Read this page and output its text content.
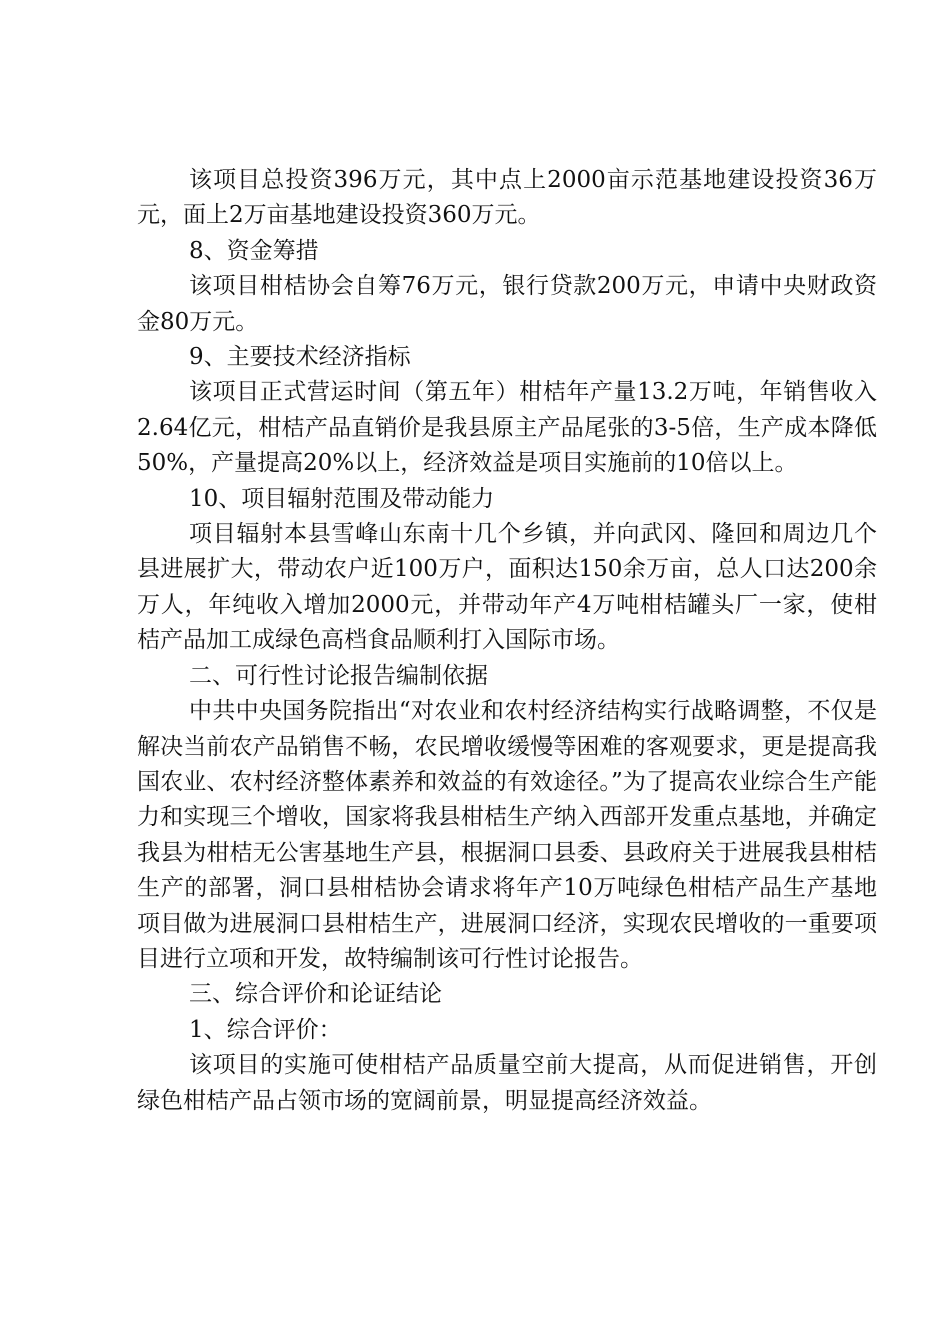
该项目总投资396万元，其中点上2000亩示范基地建设投资36万元，面上2万亩基地建设投资360万元。

8、资金筹措

该项目柑桔协会自筹76万元，银行贷款200万元，申请中央财政资金80万元。

9、主要技术经济指标

该项目正式营运时间（第五年）柑桔年产量13.2万吨，年销售收入2.64亿元，柑桔产品直销价是我县原主产品尾张的3-5倍，生产成本降低50%，产量提高20%以上，经济效益是项目实施前的10倍以上。

10、项目辐射范围及带动能力

项目辐射本县雪峰山东南十几个乡镇，并向武冈、隆回和周边几个县进展扩大，带动农户近100万户，面积达150余万亩，总人口达200余万人，年纯收入增加2000元，并带动年产4万吨柑桔罐头厂一家，使柑桔产品加工成绿色高档食品顺利打入国际市场。

二、可行性讨论报告编制依据

中共中央国务院指出“对农业和农村经济结构实行战略调整，不仅是解决当前农产品销售不畅，农民增收缓慢等困难的客观要求，更是提高我国农业、农村经济整体素养和效益的有效途径。”为了提高农业综合生产能力和实现三个增收，国家将我县柑桔生产纳入西部开发重点基地，并确定我县为柑桔无公害基地生产县，根据洞口县委、县政府关于进展我县柑桔生产的部署，洞口县柑桔协会请求将年产10万吨绿色柑桔产品生产基地项目做为进展洞口县柑桔生产，进展洞口经济，实现农民增收的一重要项目进行立项和开发，故特编制该可行性讨论报告。

三、综合评价和论证结论

1、综合评价：

该项目的实施可使柑桔产品质量空前大提高，从而促进销售，开创绿色柑桔产品占领市场的宽阔前景，明显提高经济效益。
